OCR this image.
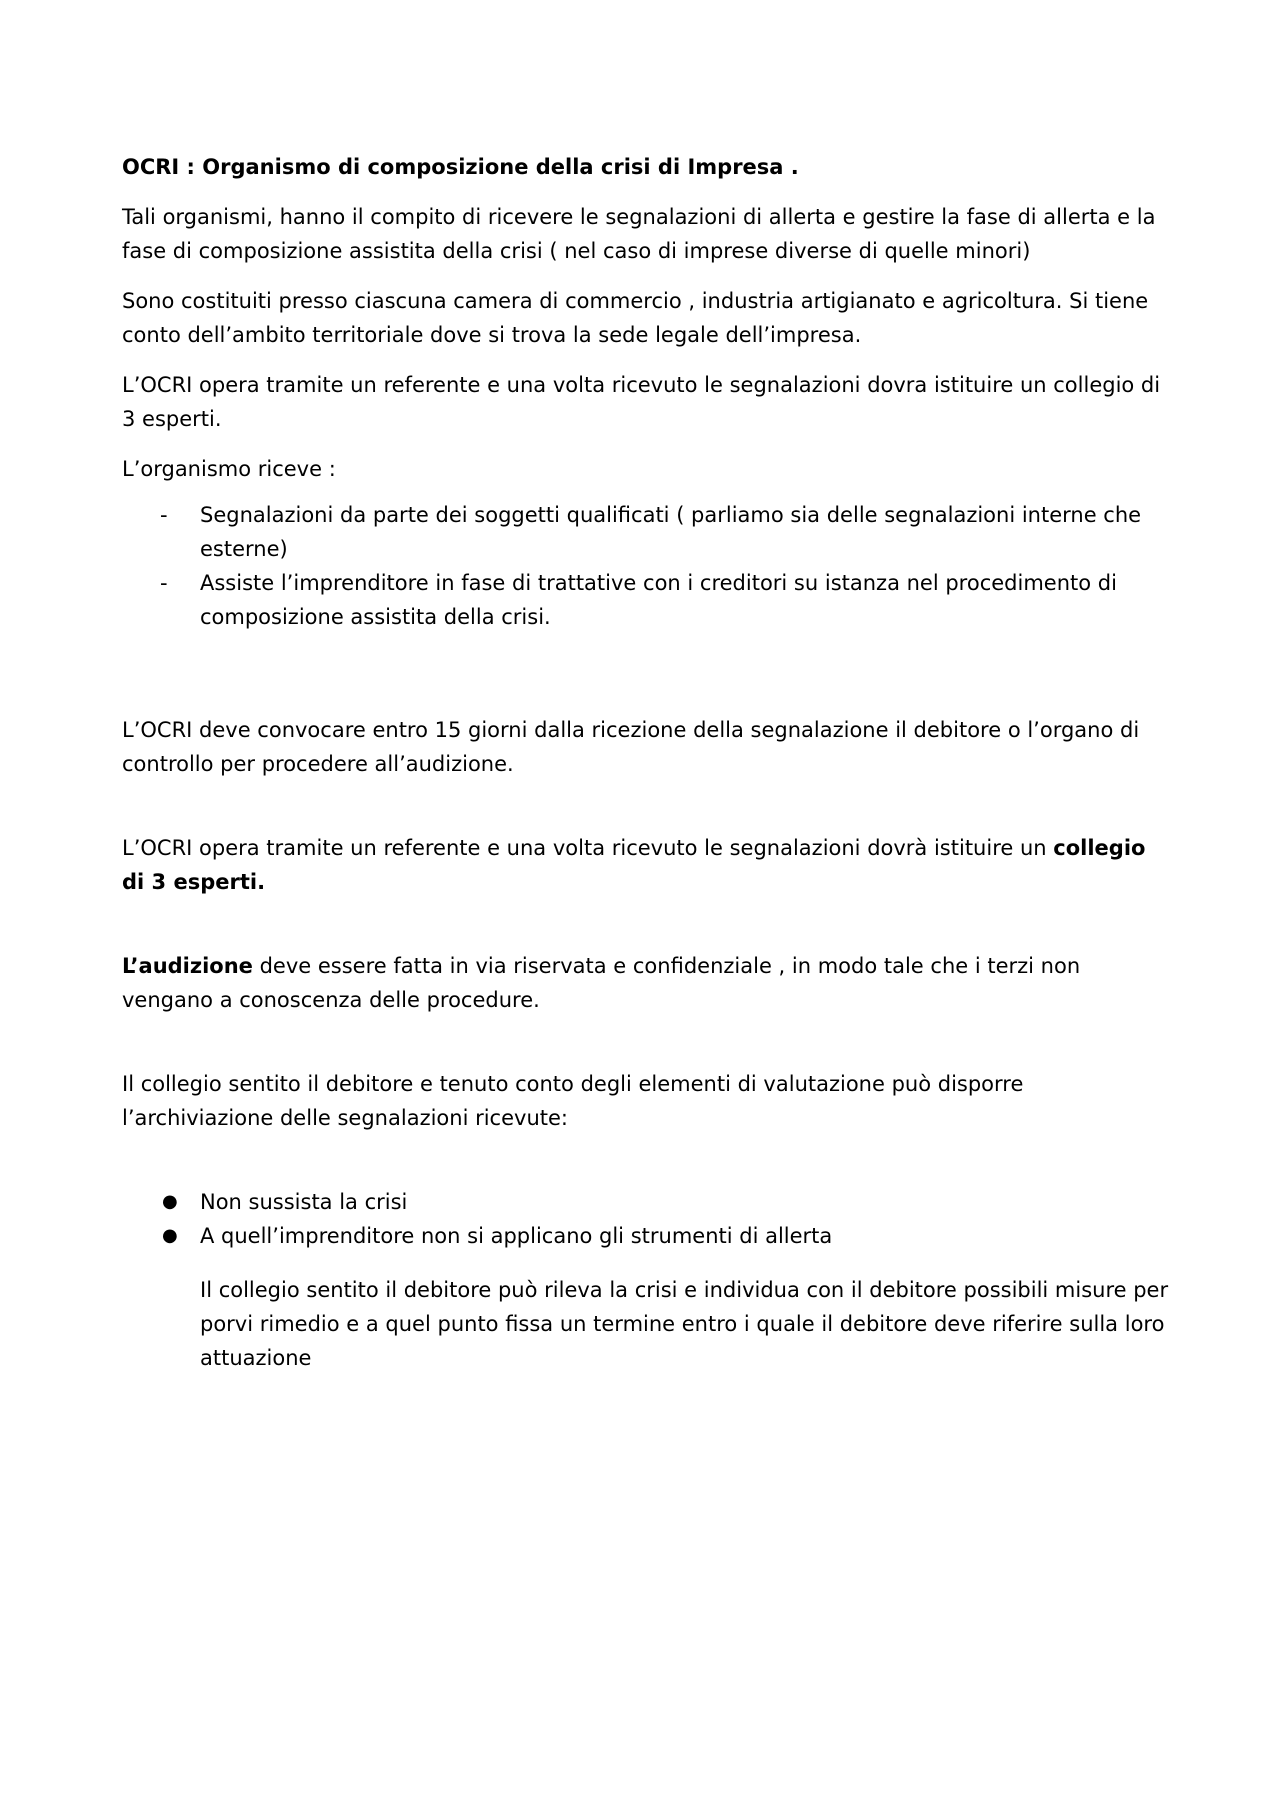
OCRI : Organismo di composizione della crisi di Impresa .

Tali organismi, hanno il compito di ricevere le segnalazioni di allerta e gestire la fase di allerta e la fase di composizione assistita della crisi ( nel caso di imprese diverse di quelle minori)

Sono costituiti presso ciascuna camera di commercio , industria artigianato e agricoltura. Si tiene conto dell’ambito territoriale dove si trova la sede legale dell’impresa.

L’OCRI opera tramite un referente e una volta ricevuto le segnalazioni dovra istituire un collegio di 3 esperti.

L’organismo riceve :

- Segnalazioni da parte dei soggetti qualificati ( parliamo sia delle segnalazioni interne che esterne)
- Assiste l’imprenditore in fase di trattative con i creditori su istanza nel procedimento di composizione assistita della crisi.

L’OCRI deve convocare entro 15 giorni dalla ricezione della segnalazione il debitore o l’organo di controllo per procedere all’audizione.

L’OCRI opera tramite un referente e una volta ricevuto le segnalazioni dovrà istituire un collegio di 3 esperti.

L’audizione deve essere fatta in via riservata e confidenziale , in modo tale che i terzi non vengano a conoscenza delle procedure.

Il collegio sentito il debitore e tenuto conto degli elementi di valutazione può disporre l’archiviazione delle segnalazioni ricevute:

● Non sussista la crisi
● A quell’imprenditore non si applicano gli strumenti di allerta

Il collegio sentito il debitore può rileva la crisi e individua con il debitore possibili misure per porvi rimedio e a quel punto fissa un termine entro i quale il debitore deve riferire sulla loro attuazione
